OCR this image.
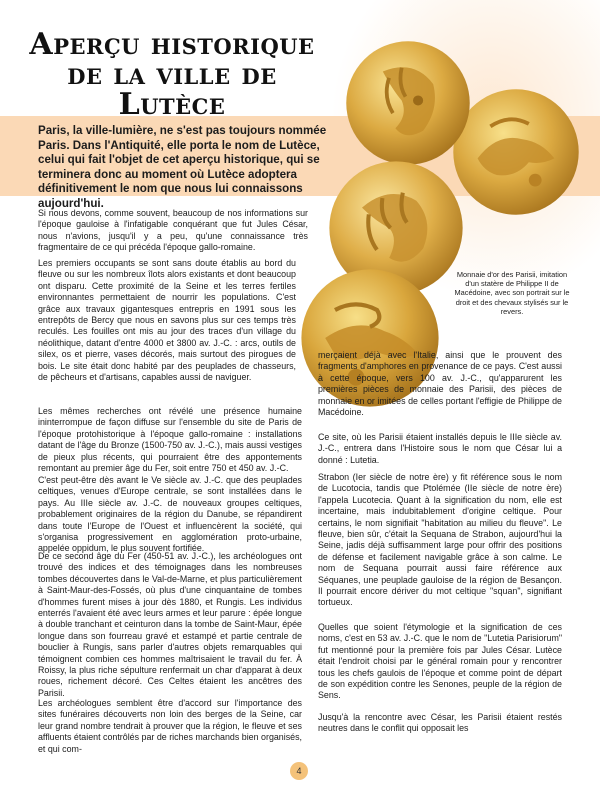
Aperçu historique
de la ville de
Lutèce
Paris, la ville-lumière, ne s'est pas toujours nommée Paris. Dans l'Antiquité, elle porta le nom de Lutèce, celui qui fait l'objet de cet aperçu historique, qui se terminera donc au moment où Lutèce adoptera définitivement le nom que nous lui connaissons aujourd'hui.
Monnaie d'or des Parisii, imitation d'un statère de Philippe II de Macédoine, avec son portrait sur le droit et des chevaux stylisés sur le revers.

Si nous devons, comme souvent, beaucoup de nos informations sur l'époque gauloise à l'infatigable conquérant que fut Jules César, nous n'avions, jusqu'il y a peu, qu'une connaissance très fragmentaire de ce qui précéda l'époque gallo-romaine.

Les premiers occupants se sont sans doute établis au bord du fleuve ou sur les nombreux îlots alors existants et dont beaucoup ont disparu. Cette proximité de la Seine et les terres fertiles environnantes permettaient de nourrir les populations. C'est grâce aux travaux gigantesques entrepris en 1991 sous les entrepôts de Bercy que nous en savons plus sur ces temps très reculés. Les fouilles ont mis au jour des traces d'un village du néolithique, datant d'entre 4000 et 3800 av. J.-C. : arcs, outils de silex, os et pierre, vases décorés, mais surtout des pirogues de bois. Le site était donc habité par des peuplades de chasseurs, de pêcheurs et d'artisans, capables aussi de naviguer.

Les mêmes recherches ont révélé une présence humaine ininterrompue de façon diffuse sur l'ensemble du site de Paris de l'époque protohistorique à l'époque gallo-romaine : installations datant de l'âge du Bronze (1500-750 av. J.-C.), mais aussi vestiges de pieux plus récents, qui pourraient être des appontements remontant au premier âge du Fer, soit entre 750 et 450 av. J.-C.

C'est peut-être dès avant le Ve siècle av. J.-C. que des peuplades celtiques, venues d'Europe centrale, se sont installées dans le pays. Au IIIe siècle av. J.-C. de nouveaux groupes celtiques, probablement originaires de la région du Danube, se répandirent dans toute l'Europe de l'Ouest et influencèrent la société, qui s'organisa progressivement en agglomération proto-urbaine, appelée oppidum, le plus souvent fortifiée.

De ce second âge du Fer (450-51 av. J.-C.), les archéologues ont trouvé des indices et des témoignages dans les nombreuses tombes découvertes dans le Val-de-Marne, et plus particulièrement à Saint-Maur-des-Fossés, où plus d'une cinquantaine de tombes d'hommes furent mises à jour dès 1880, et Rungis. Les individus enterrés l'avaient été avec leurs armes et leur parure : épée longue à double tranchant et ceinturon dans la tombe de Saint-Maur, épée longue dans son fourreau gravé et estampé et partie centrale de bouclier à Rungis, sans parler d'autres objets remarquables qui témoignent combien ces hommes maîtrisaient le travail du fer. À Roissy, la plus riche sépulture renfermait un char d'apparat à deux roues, richement décoré. Ces Celtes étaient les ancêtres des Parisii.

Les archéologues semblent être d'accord sur l'importance des sites funéraires découverts non loin des berges de la Seine, car leur grand nombre tendrait à prouver que la région, le fleuve et ses affluents étaient contrôlés par de riches marchands bien organisés, et qui com-

merçaient déjà avec l'Italie, ainsi que le prouvent des fragments d'amphores en provenance de ce pays. C'est aussi à cette époque, vers 100 av. J.-C., qu'apparurent les premières pièces de monnaie des Parisii, des pièces de monnaie en or imitées de celles portant l'effigie de Philippe de Macédoine.

Ce site, où les Parisii étaient installés depuis le IIIe siècle av. J.-C., entrera dans l'Histoire sous le nom que César lui a donné : Lutetia.

Strabon (Ier siècle de notre ère) y fit référence sous le nom de Lucotocia, tandis que Ptolémée (IIe siècle de notre ère) l'appela Lucotecia. Quant à la signification du nom, elle est incertaine, mais indubitablement d'origine celtique. Pour certains, le nom signifiait "habitation au milieu du fleuve". Le fleuve, bien sûr, c'était la Sequana de Strabon, aujourd'hui la Seine, jadis déjà suffisamment large pour offrir des positions de défense et facilement navigable grâce à son calme. Le nom de Sequana pourrait aussi faire référence aux Séquanes, une peuplade gauloise de la région de Besançon. Il pourrait encore dériver du mot celtique "squan", signifiant tortueux.

Quelles que soient l'étymologie et la signification de ces noms, c'est en 53 av. J.-C. que le nom de "Lutetia Parisiorum" fut mentionné pour la première fois par Jules César. Lutèce était l'endroit choisi par le général romain pour y rencontrer tous les chefs gaulois de l'époque et comme point de départ de son expédition contre les Senones, peuple de la région de Sens.

Jusqu'à la rencontre avec César, les Parisii étaient restés neutres dans le conflit qui opposait les

4
